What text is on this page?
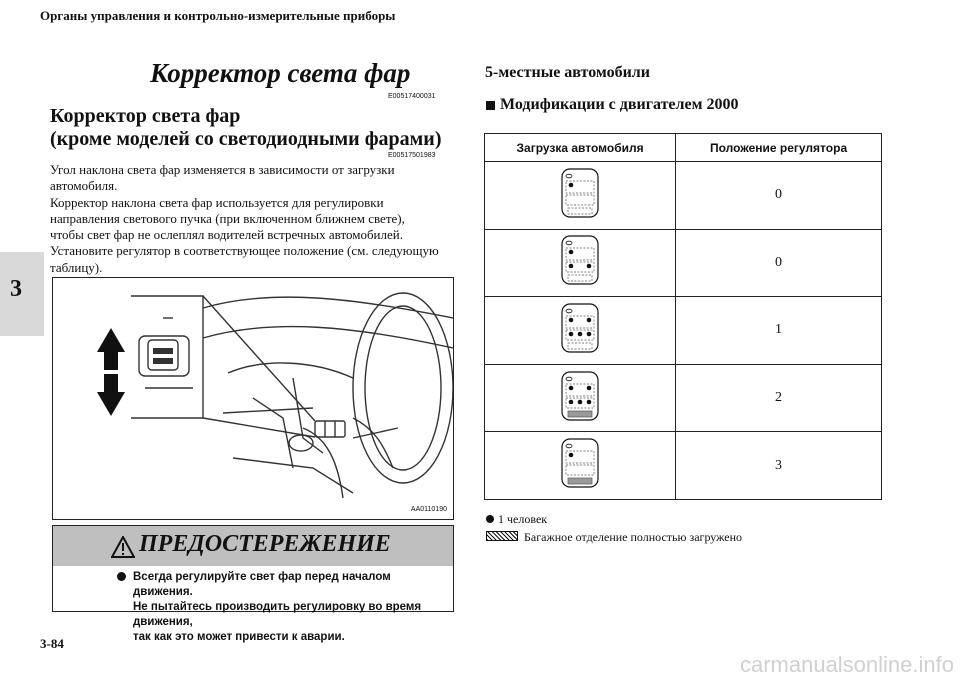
Органы управления и контрольно-измерительные приборы
3
Корректор света фар
E00517400031
Корректор света фар
(кроме моделей со светодиодными фарами)
E00517501983
Угол наклона света фар изменяется в зависимости от загрузки
автомобиля.
Корректор наклона света фар используется для регулировки
направления светового пучка (при включенном ближнем свете),
чтобы свет фар не ослеплял водителей встречных автомобилей.
Установите регулятор в соответствующее положение (см. следующую
таблицу).
AA0110190
ПРЕДОСТЕРЕЖЕНИЕ
Всегда регулируйте свет фар перед началом движения.
Не пытайтесь производить регулировку во время движения,
так как это может привести к аварии.
5-местные автомобили
Модификации с двигателем 2000
Загрузка автомобиля	Положение регулятора
	0
	0
	1
	2
	3
1 человек
Багажное отделение полностью загружено
3-84
carmanualsonline.info
